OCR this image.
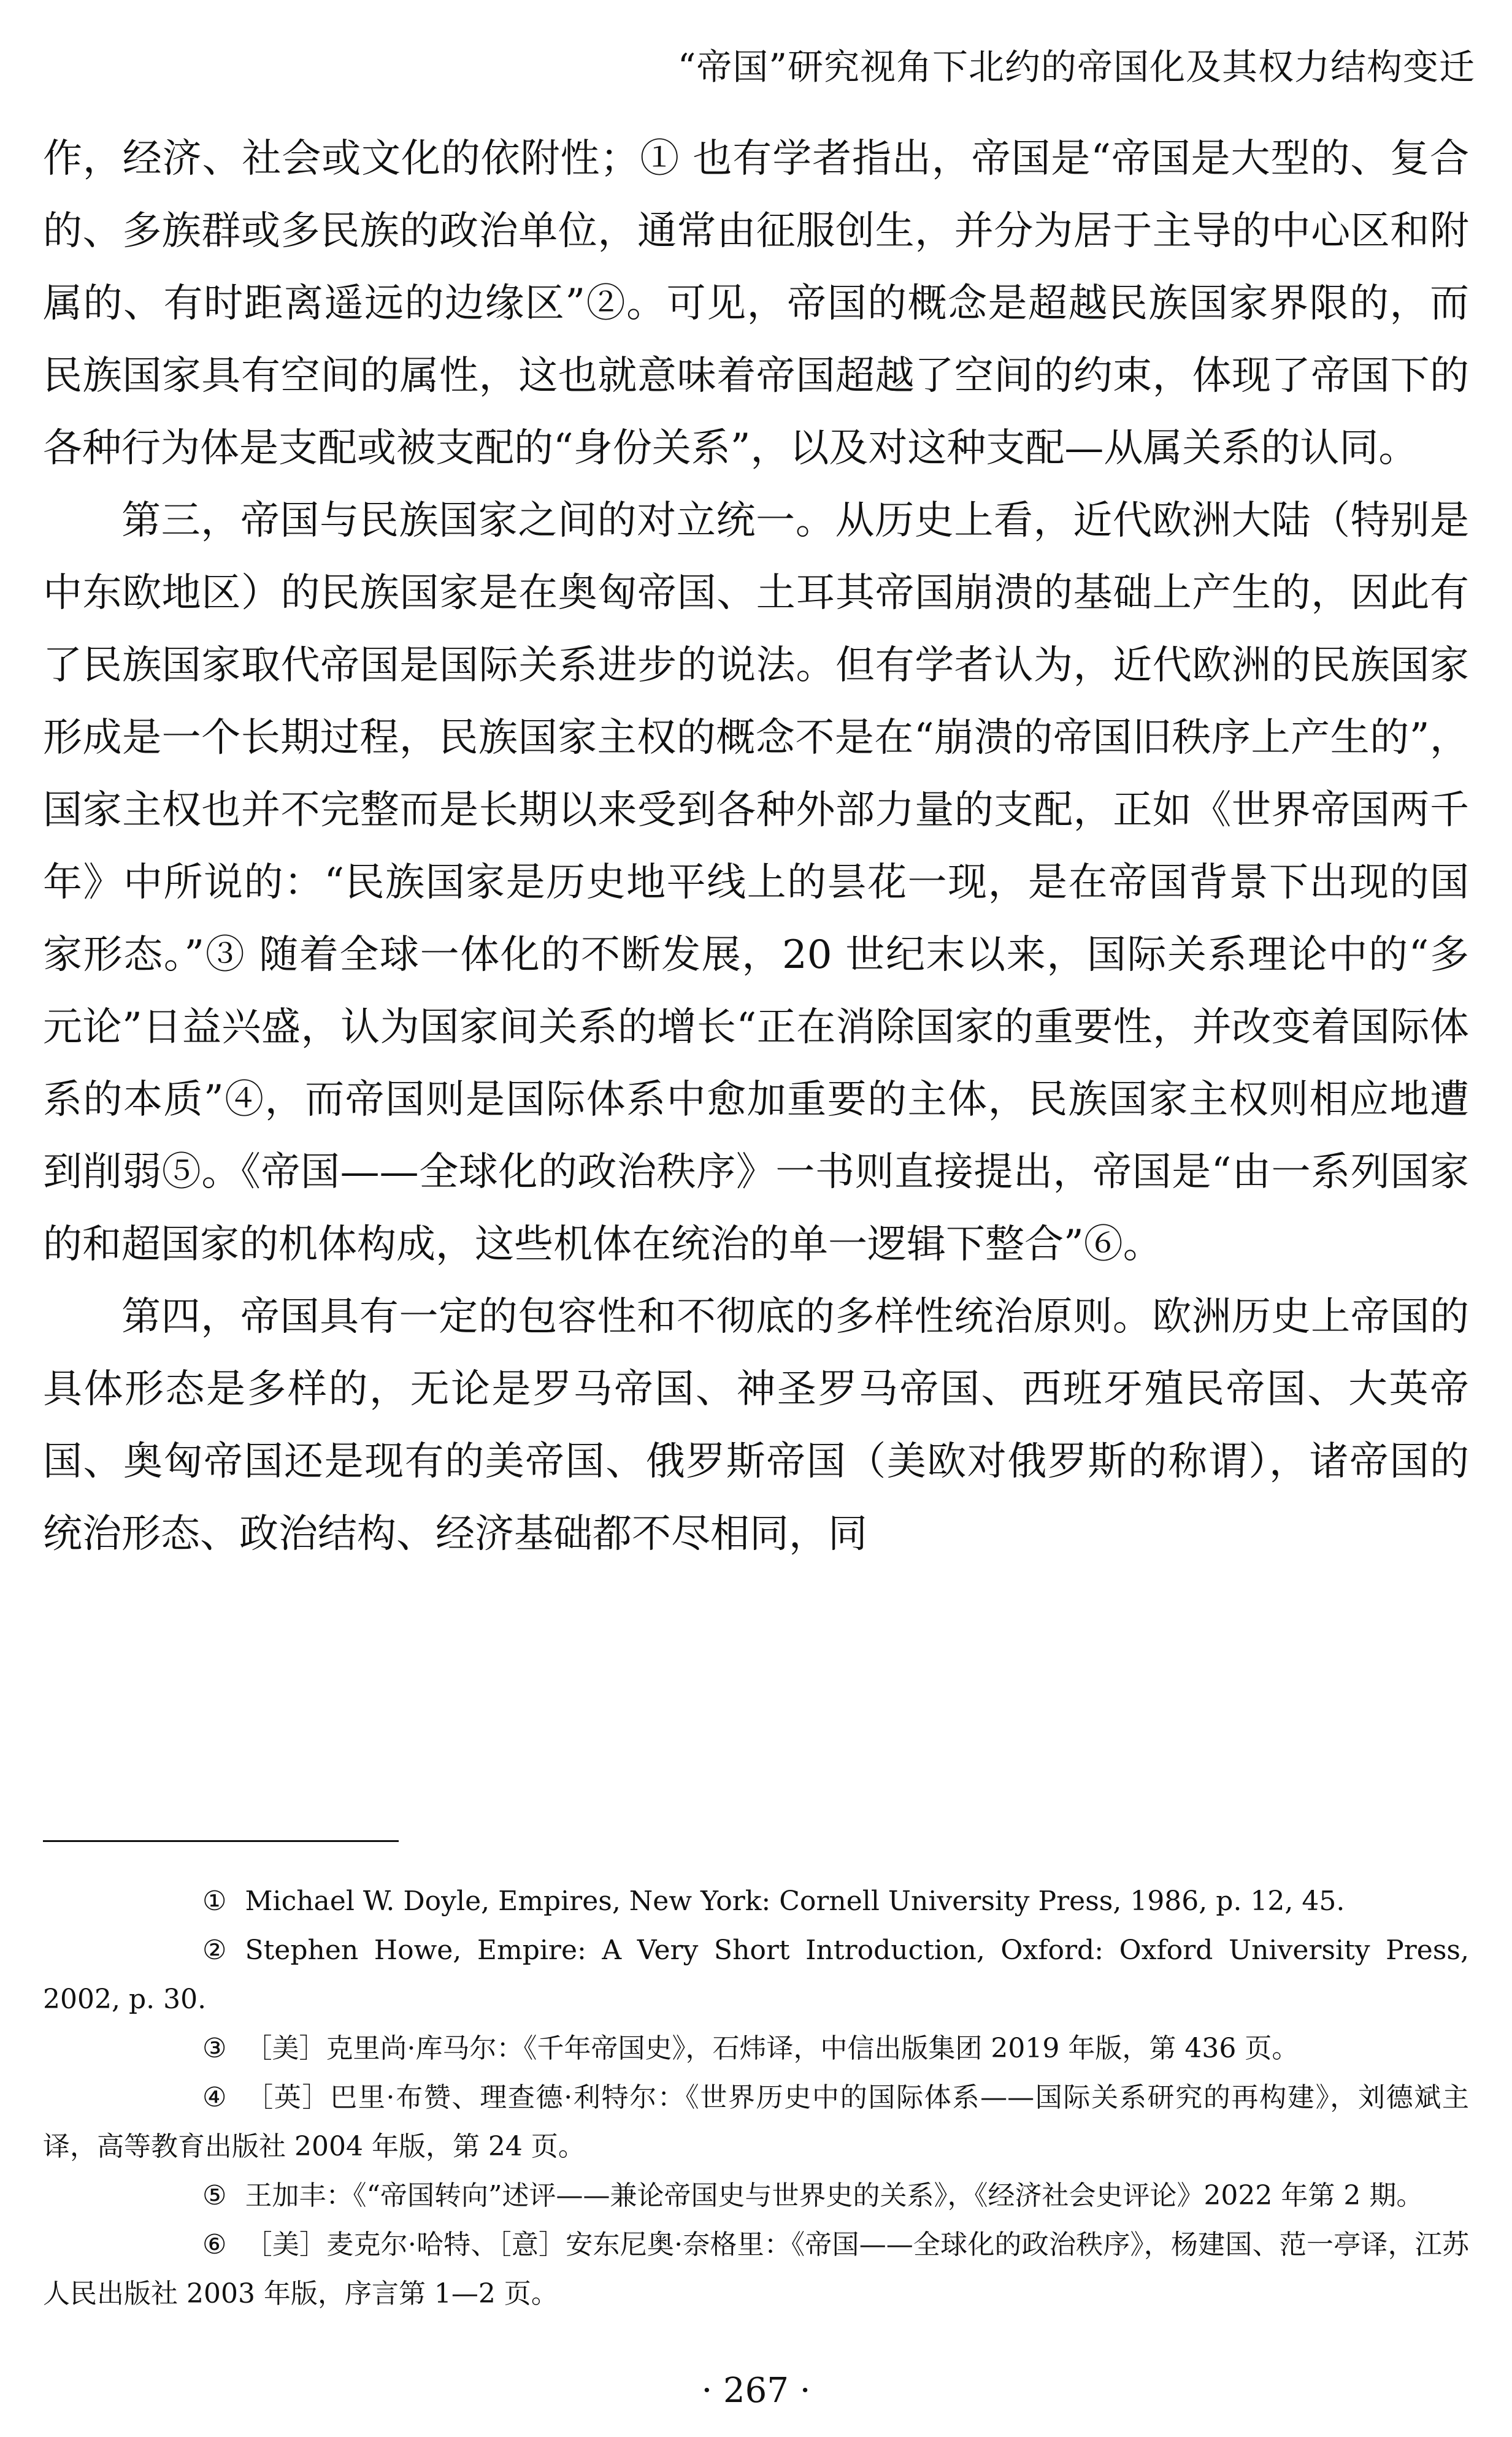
“帝国”研究视角下北约的帝国化及其权力结构变迁

作，经济、社会或文化的依附性；① 也有学者指出，帝国是“帝国是大型的、复合的、多族群或多民族的政治单位，通常由征服创生，并分为居于主导的中心区和附属的、有时距离遥远的边缘区”②。可见，帝国的概念是超越民族国家界限的，而民族国家具有空间的属性，这也就意味着帝国超越了空间的约束，体现了帝国下的各种行为体是支配或被支配的“身份关系”，以及对这种支配—从属关系的认同。

第三，帝国与民族国家之间的对立统一。从历史上看，近代欧洲大陆（特别是中东欧地区）的民族国家是在奥匈帝国、土耳其帝国崩溃的基础上产生的，因此有了民族国家取代帝国是国际关系进步的说法。但有学者认为，近代欧洲的民族国家形成是一个长期过程，民族国家主权的概念不是在“崩溃的帝国旧秩序上产生的”，国家主权也并不完整而是长期以来受到各种外部力量的支配，正如《世界帝国两千年》中所说的：“民族国家是历史地平线上的昙花一现，是在帝国背景下出现的国家形态。”③ 随着全球一体化的不断发展，20 世纪末以来，国际关系理论中的“多元论”日益兴盛，认为国家间关系的增长“正在消除国家的重要性，并改变着国际体系的本质”④，而帝国则是国际体系中愈加重要的主体，民族国家主权则相应地遭到削弱⑤。《帝国——全球化的政治秩序》一书则直接提出，帝国是“由一系列国家的和超国家的机体构成，这些机体在统治的单一逻辑下整合”⑥。

第四，帝国具有一定的包容性和不彻底的多样性统治原则。欧洲历史上帝国的具体形态是多样的，无论是罗马帝国、神圣罗马帝国、西班牙殖民帝国、大英帝国、奥匈帝国还是现有的美帝国、俄罗斯帝国（美欧对俄罗斯的称谓），诸帝国的统治形态、政治结构、经济基础都不尽相同，同

① Michael W. Doyle, Empires, New York: Cornell University Press, 1986, p. 12, 45.

② Stephen Howe, Empire: A Very Short Introduction, Oxford: Oxford University Press, 2002, p. 30.

③ ［美］克里尚·库马尔：《千年帝国史》，石炜译，中信出版集团 2019 年版，第 436 页。

④ ［英］巴里·布赞、理查德·利特尔：《世界历史中的国际体系——国际关系研究的再构建》，刘德斌主译，高等教育出版社 2004 年版，第 24 页。

⑤ 王加丰：《“帝国转向”述评——兼论帝国史与世界史的关系》，《经济社会史评论》2022 年第 2 期。

⑥ ［美］麦克尔·哈特、［意］安东尼奥·奈格里：《帝国——全球化的政治秩序》，杨建国、范一亭译，江苏人民出版社 2003 年版，序言第 1—2 页。

· 267 ·
